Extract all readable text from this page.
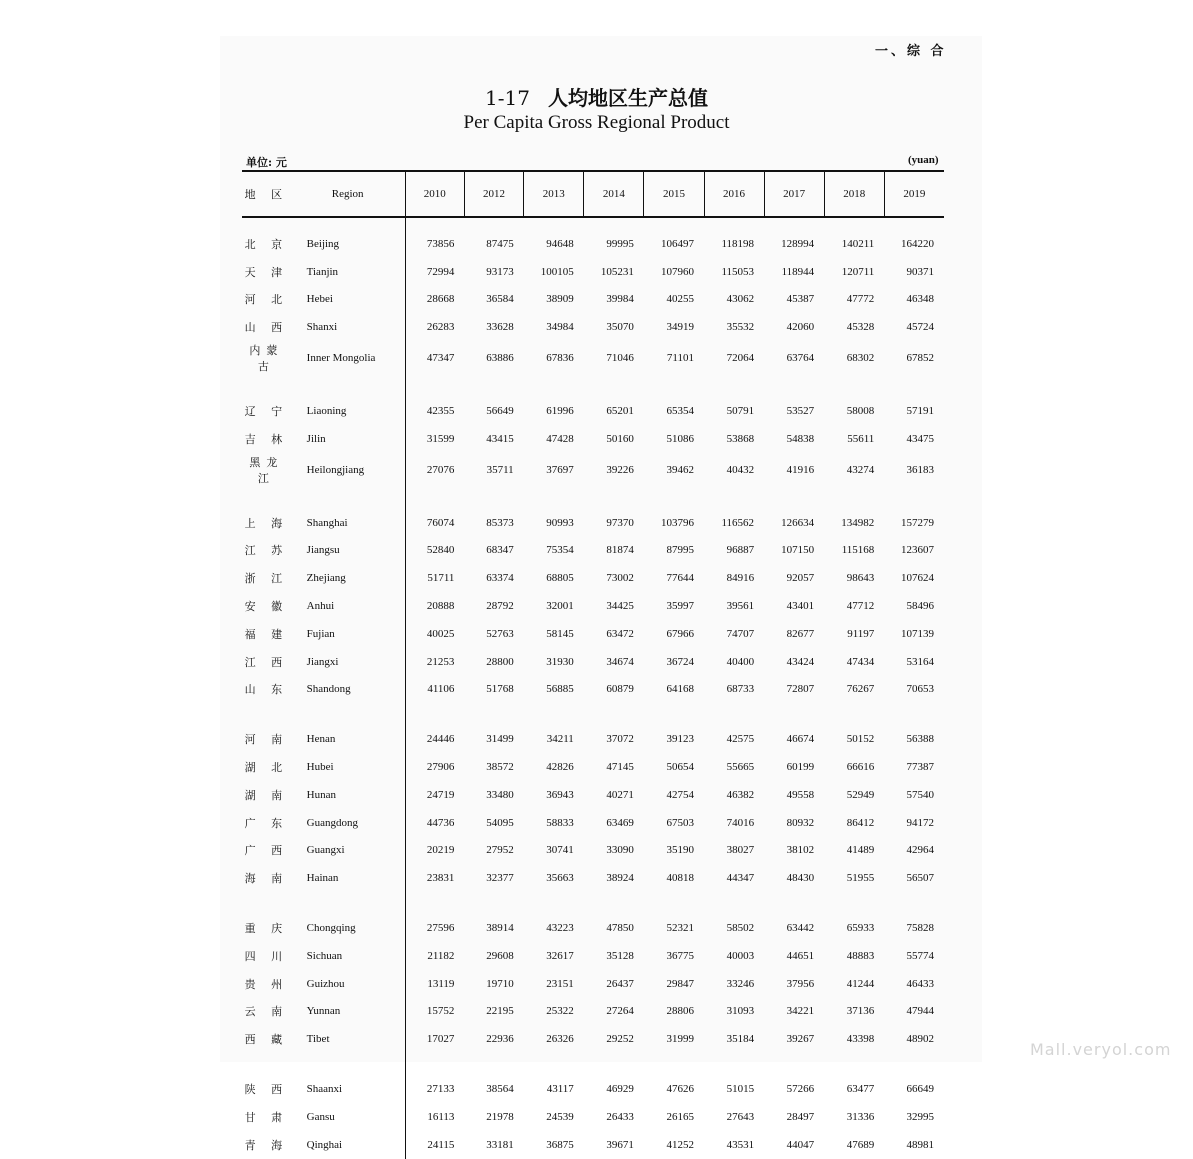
一、综 合
1-17 人均地区生产总值
Per Capita Gross Regional Product
单位: 元	(yuan)
地 区	Region	2010	2012	2013	2014	2015	2016	2017	2018	2019

北 京	Beijing	73856	87475	94648	99995	106497	118198	128994	140211	164220
天 津	Tianjin	72994	93173	100105	105231	107960	115053	118944	120711	90371
河 北	Hebei	28668	36584	38909	39984	40255	43062	45387	47772	46348
山 西	Shanxi	26283	33628	34984	35070	34919	35532	42060	45328	45724
内蒙古	Inner Mongolia	47347	63886	67836	71046	71101	72064	63764	68302	67852

辽 宁	Liaoning	42355	56649	61996	65201	65354	50791	53527	58008	57191
吉 林	Jilin	31599	43415	47428	50160	51086	53868	54838	55611	43475
黑龙江	Heilongjiang	27076	35711	37697	39226	39462	40432	41916	43274	36183

上 海	Shanghai	76074	85373	90993	97370	103796	116562	126634	134982	157279
江 苏	Jiangsu	52840	68347	75354	81874	87995	96887	107150	115168	123607
浙 江	Zhejiang	51711	63374	68805	73002	77644	84916	92057	98643	107624
安 徽	Anhui	20888	28792	32001	34425	35997	39561	43401	47712	58496
福 建	Fujian	40025	52763	58145	63472	67966	74707	82677	91197	107139
江 西	Jiangxi	21253	28800	31930	34674	36724	40400	43424	47434	53164
山 东	Shandong	41106	51768	56885	60879	64168	68733	72807	76267	70653

河 南	Henan	24446	31499	34211	37072	39123	42575	46674	50152	56388
湖 北	Hubei	27906	38572	42826	47145	50654	55665	60199	66616	77387
湖 南	Hunan	24719	33480	36943	40271	42754	46382	49558	52949	57540
广 东	Guangdong	44736	54095	58833	63469	67503	74016	80932	86412	94172
广 西	Guangxi	20219	27952	30741	33090	35190	38027	38102	41489	42964
海 南	Hainan	23831	32377	35663	38924	40818	44347	48430	51955	56507

重 庆	Chongqing	27596	38914	43223	47850	52321	58502	63442	65933	75828
四 川	Sichuan	21182	29608	32617	35128	36775	40003	44651	48883	55774
贵 州	Guizhou	13119	19710	23151	26437	29847	33246	37956	41244	46433
云 南	Yunnan	15752	22195	25322	27264	28806	31093	34221	37136	47944
西 藏	Tibet	17027	22936	26326	29252	31999	35184	39267	43398	48902

陕 西	Shaanxi	27133	38564	43117	46929	47626	51015	57266	63477	66649
甘 肃	Gansu	16113	21978	24539	26433	26165	27643	28497	31336	32995
青 海	Qinghai	24115	33181	36875	39671	41252	43531	44047	47689	48981
Mall.veryol.com
